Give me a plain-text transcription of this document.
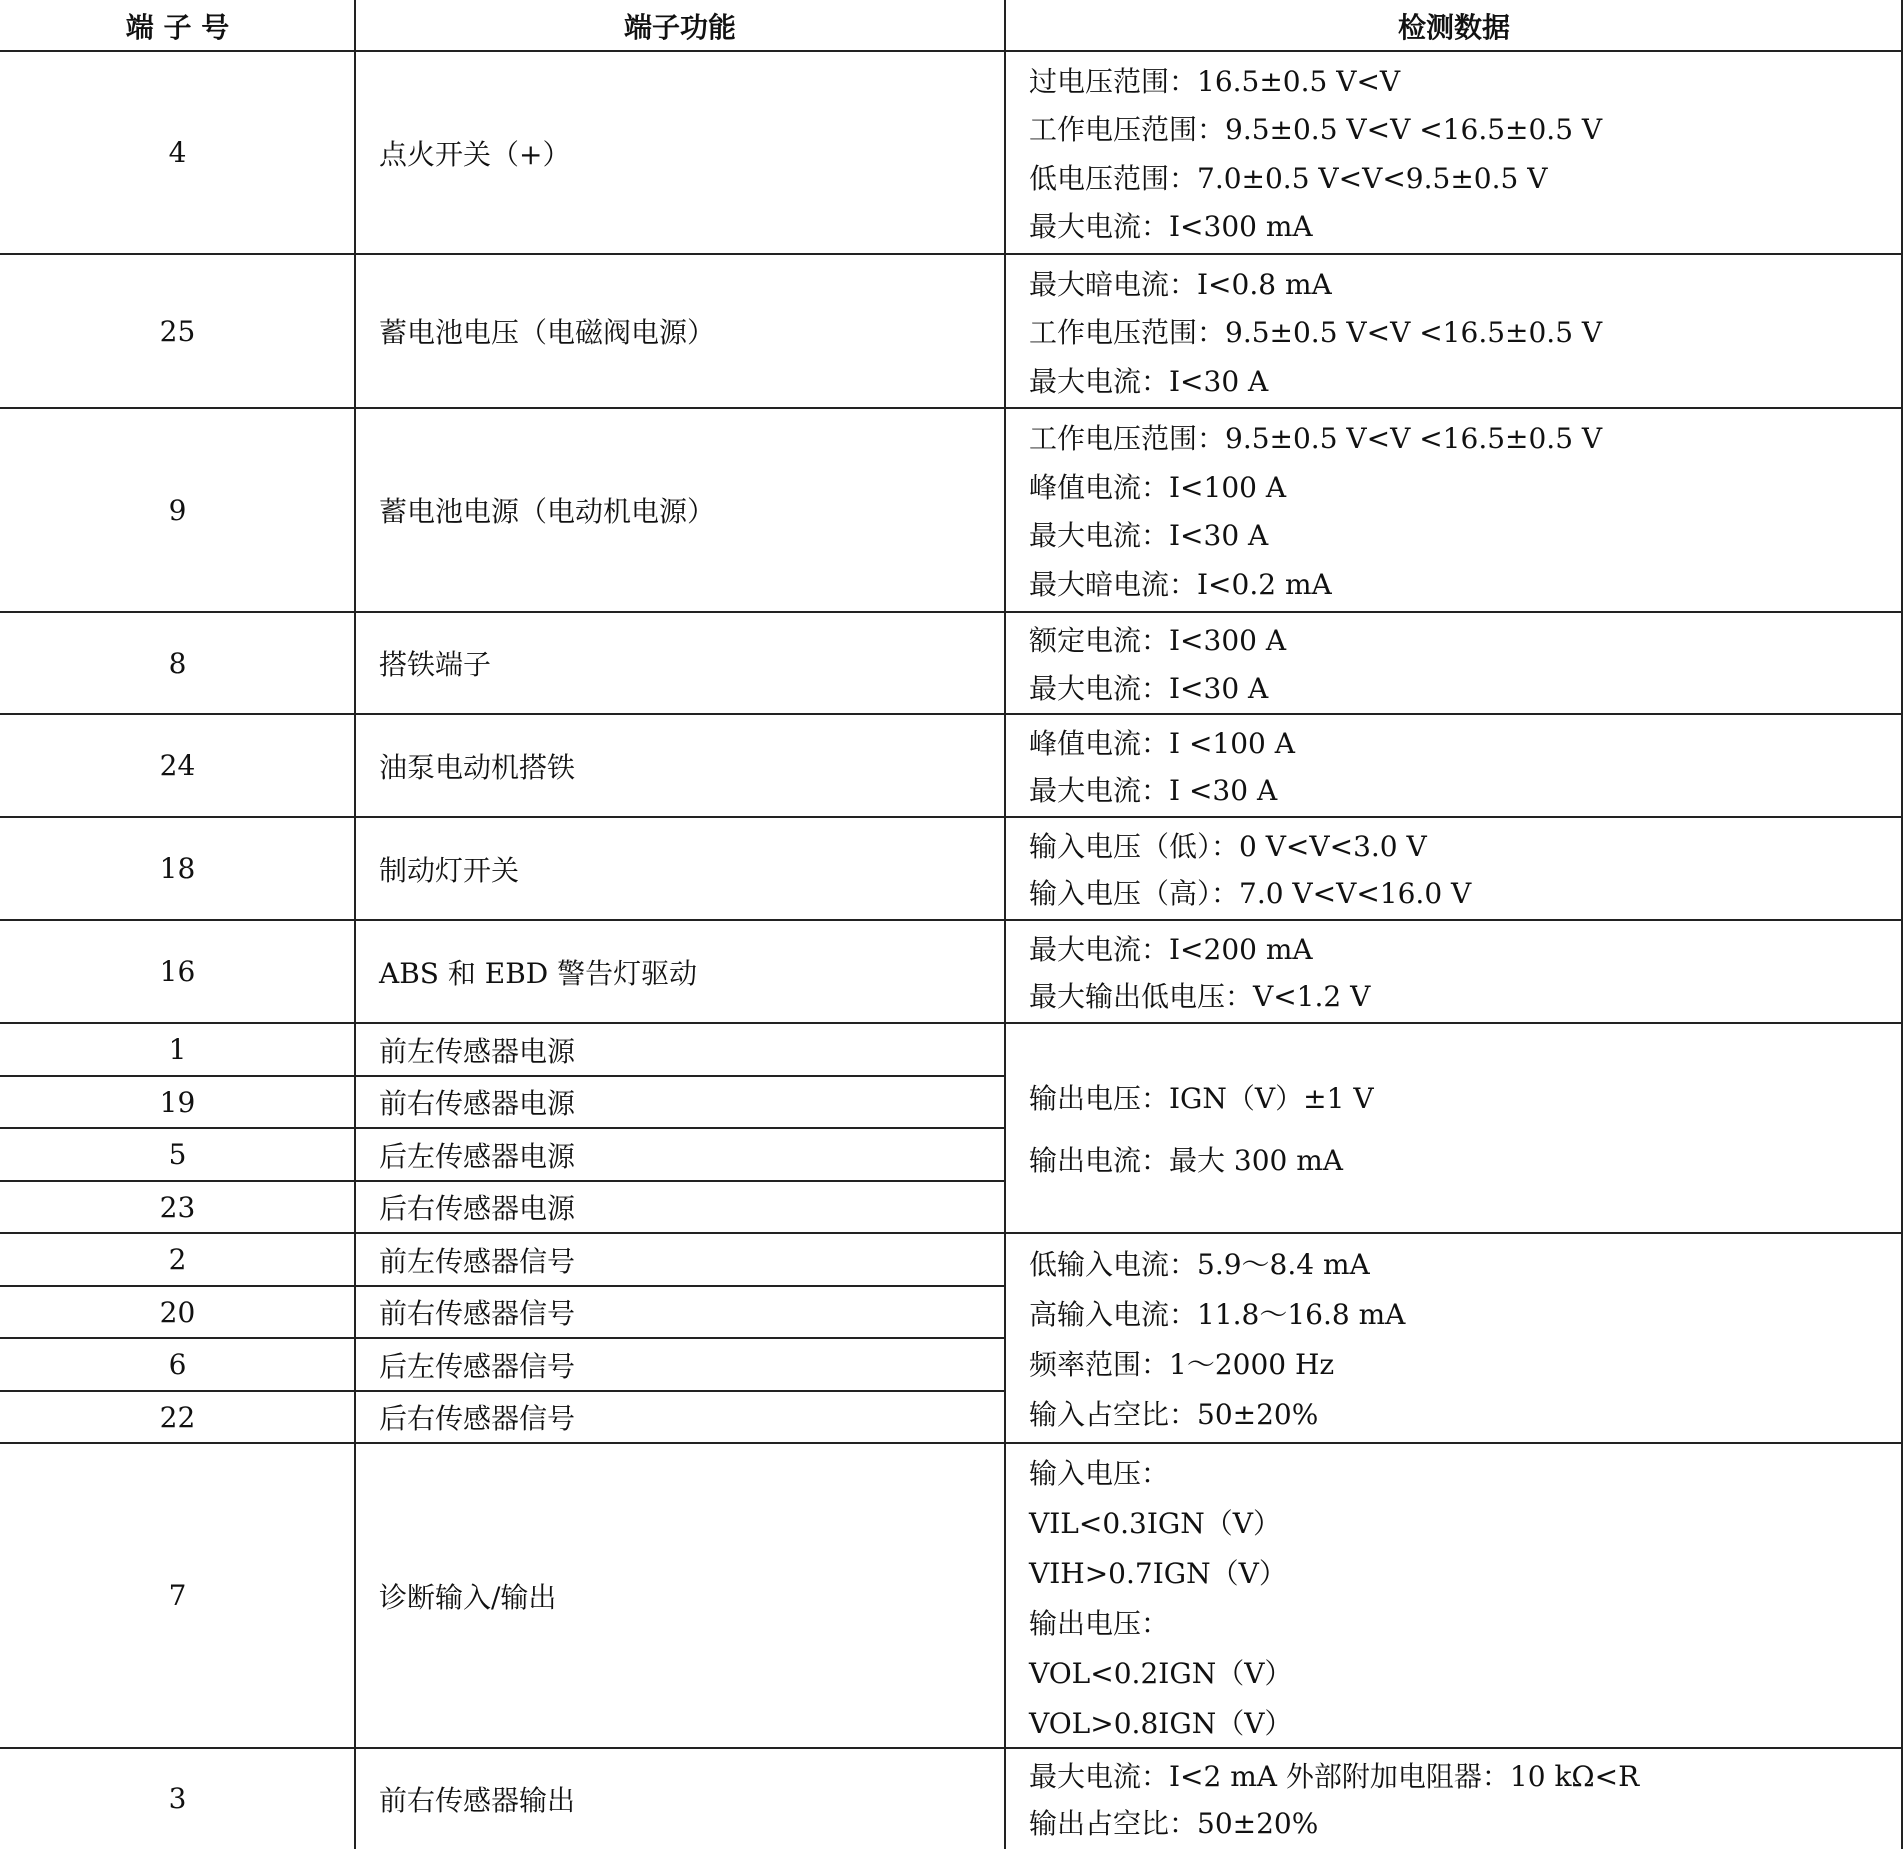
端 子 号	端子功能	检测数据
4	点火开关（+）
过电压范围：16.5±0.5 V<V
工作电压范围：9.5±0.5 V<V <16.5±0.5 V
低电压范围：7.0±0.5 V<V<9.5±0.5 V
最大电流：I<300 mA
25	蓄电池电压（电磁阀电源）
最大暗电流：I<0.8 mA
工作电压范围：9.5±0.5 V<V <16.5±0.5 V
最大电流：I<30 A
9	蓄电池电源（电动机电源）
工作电压范围：9.5±0.5 V<V <16.5±0.5 V
峰值电流：I<100 A
最大电流：I<30 A
最大暗电流：I<0.2 mA
8	搭铁端子
额定电流：I<300 A
最大电流：I<30 A
24	油泵电动机搭铁
峰值电流：I <100 A
最大电流：I <30 A
18	制动灯开关
输入电压（低）：0 V<V<3.0 V
输入电压（高）：7.0 V<V<16.0 V
16	ABS 和 EBD 警告灯驱动
最大电流：I<200 mA
最大输出低电压：V<1.2 V
1	前左传感器电源
19	前右传感器电源
5	后左传感器电源
23	后右传感器电源
输出电压：IGN（V）±1 V
输出电流：最大 300 mA
2	前左传感器信号
20	前右传感器信号
6	后左传感器信号
22	后右传感器信号
低输入电流：5.9～8.4 mA
高输入电流：11.8～16.8 mA
频率范围：1～2000 Hz
输入占空比：50±20%
7	诊断输入/输出
输入电压：
VIL<0.3IGN（V）
VIH>0.7IGN（V）
输出电压：
VOL<0.2IGN（V）
VOL>0.8IGN（V）
3	前右传感器输出
最大电流：I<2 mA 外部附加电阻器：10 kΩ<R
输出占空比：50±20%
